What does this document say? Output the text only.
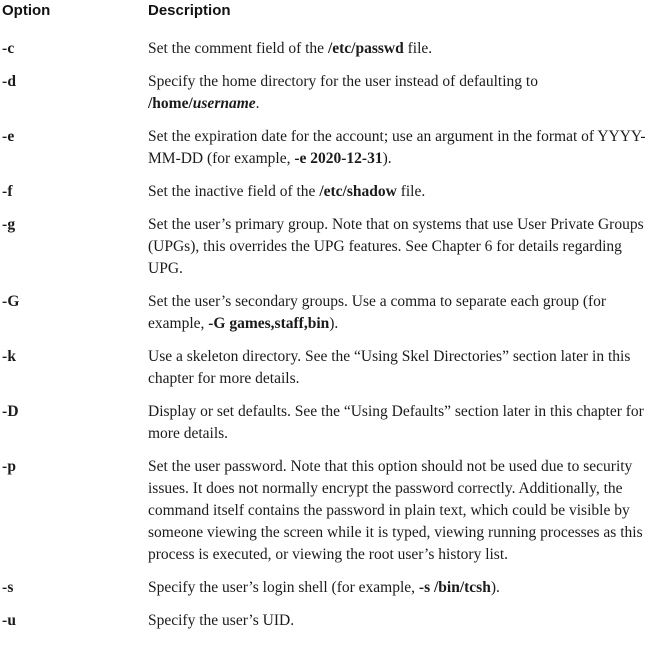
Option	Description
-c	Set the comment field of the /etc/passwd file.
-d	Specify the home directory for the user instead of defaulting to /home/username.
-e	Set the expiration date for the account; use an argument in the format of YYYY-MM-DD (for example, -e 2020-12-31).
-f	Set the inactive field of the /etc/shadow file.
-g	Set the user’s primary group. Note that on systems that use User Private Groups (UPGs), this overrides the UPG features. See Chapter 6 for details regarding UPG.
-G	Set the user’s secondary groups. Use a comma to separate each group (for example, -G games,staff,bin).
-k	Use a skeleton directory. See the “Using Skel Directories” section later in this chapter for more details.
-D	Display or set defaults. See the “Using Defaults” section later in this chapter for more details.
-p	Set the user password. Note that this option should not be used due to security issues. It does not normally encrypt the password correctly. Additionally, the command itself contains the password in plain text, which could be visible by someone viewing the screen while it is typed, viewing running processes as this process is executed, or viewing the root user’s history list.
-s	Specify the user’s login shell (for example, -s /bin/tcsh).
-u	Specify the user’s UID.
